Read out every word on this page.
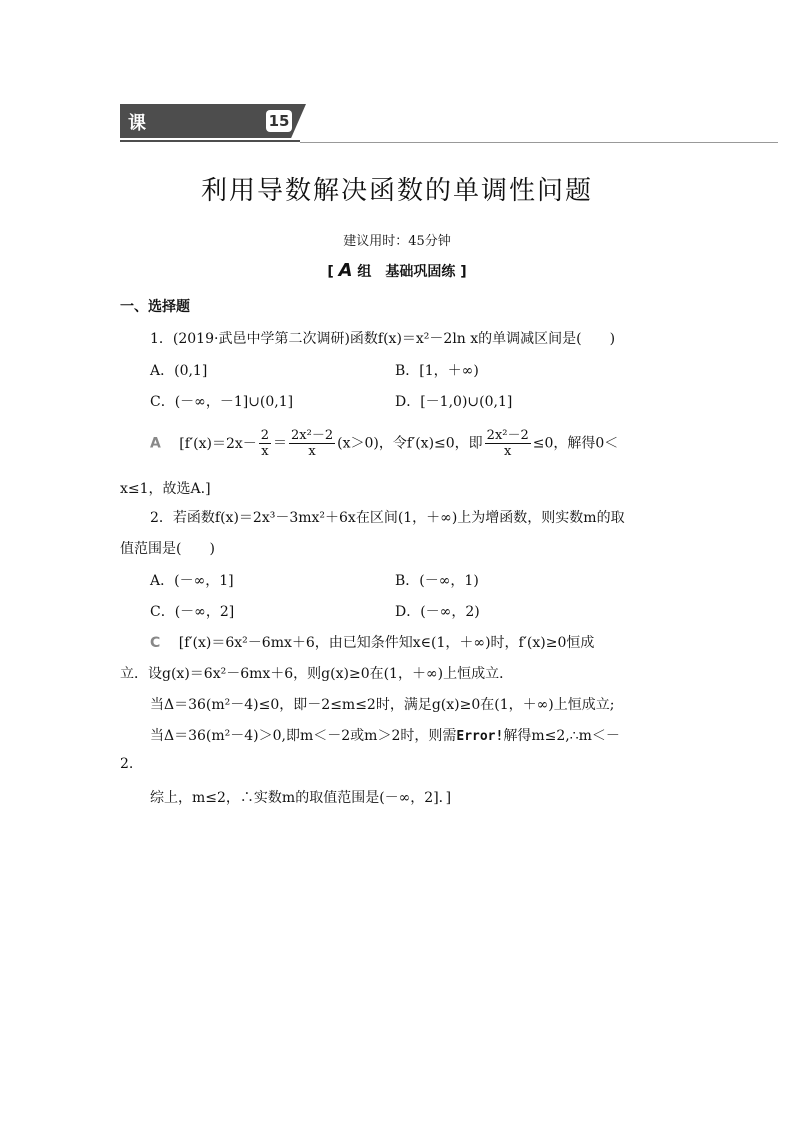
课后限时集训
15
利用导数解决函数的单调性问题
建议用时：45分钟
[ A 组　基础巩固练 ]
一、选择题
1．(2019·武邑中学第二次调研)函数f(x)＝x²－2ln x的单调减区间是(　　)
A．(0,1]	B．[1，＋∞)
C．(－∞，－1]∪(0,1]	D．[－1,0)∪(0,1]
A [$f'(x)=2x- \frac{2}{x} = \frac{\text{2x²－2}}{x} (x>0)$，令f′(x)≤0，即 $\frac{\text{2x²－2}}{x} \le 0$，解得0＜
x≤1，故选A.]
2．若函数f(x)＝2x³－3mx²＋6x在区间(1，＋∞)上为增函数，则实数m的取
值范围是(　　)
A．(－∞，1]	B．(－∞，1)
C．(－∞，2]	D．(－∞，2)
C [f′(x)＝6x²－6mx＋6，由已知条件知x∈(1，＋∞)时，f′(x)≥0恒成
立．设g(x)＝6x²－6mx＋6，则g(x)≥0在(1，＋∞)上恒成立．
当Δ＝36(m²－4)≤0，即－2≤m≤2时，满足g(x)≥0在(1，＋∞)上恒成立;
当Δ＝36(m²－4)＞0,即m＜－2或m＞2时，则需Error!解得m≤2,∴m＜－
2.
综上，m≤2，∴实数m的取值范围是(－∞，2]．]
